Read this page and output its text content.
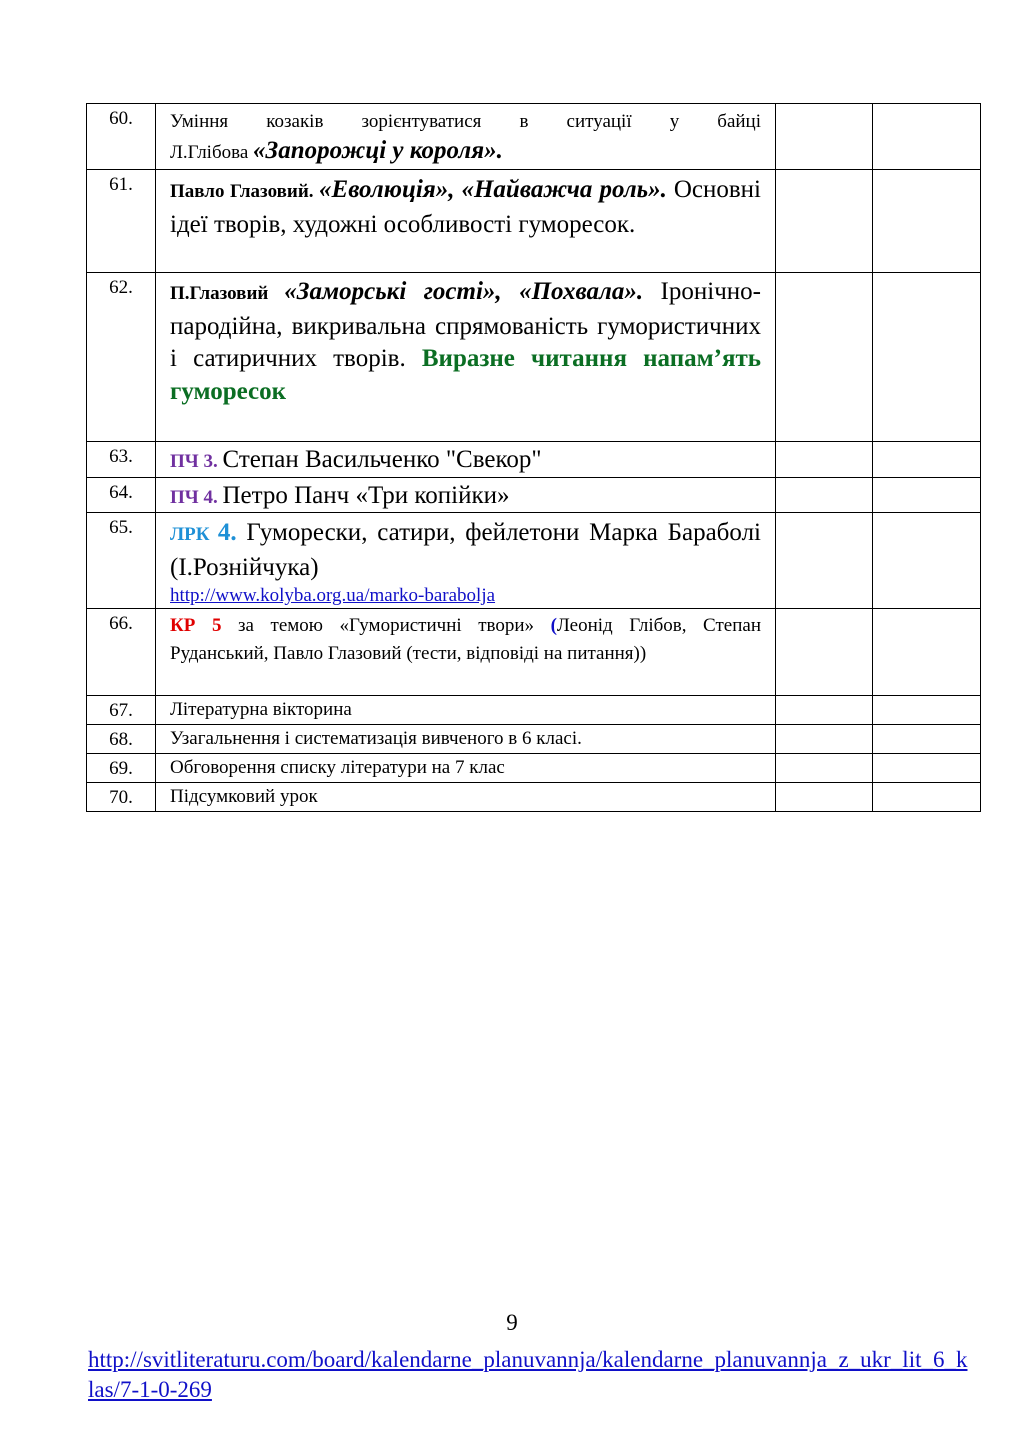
60.	Уміння козаків зорієнтуватися в ситуації у байці
Л.Глібова «Запорожці у короля».		

61.	Павло Глазовий. «Еволюція», «Найважча роль». Основні ідеї творів, художні особливості гуморесок.		

62.	П.Глазовий «Заморські гості», «Похвала». Іронічно-пародійна, викривальна спрямованість гумористичних і сатиричних творів. Виразне читання напам’ять гуморесок		

63.	ПЧ 3. Степан Васильченко "Свекор"		

64.	ПЧ 4. Петро Панч «Три копійки»		

65.	ЛРК 4. Гуморески, сатири, фейлетони Марка Бараболі (І.Рознійчука)
http://www.kolyba.org.ua/marko-barabolja		

66.	КР 5 за темою «Гумористичні твори» (Леонід Глібов, Степан Руданський, Павло Глазовий (тести, відповіді на питання))		

67.	Літературна вікторина		
68.	Узагальнення і систематизація вивченого в 6 класі.		
69.	Обговорення списку літератури на 7 клас		
70.	Підсумковий урок		
9
http://svitliteraturu.com/board/kalendarne_planuvannja/kalendarne_planuvannja_z_ukr_lit_6_klas/7-1-0-269
